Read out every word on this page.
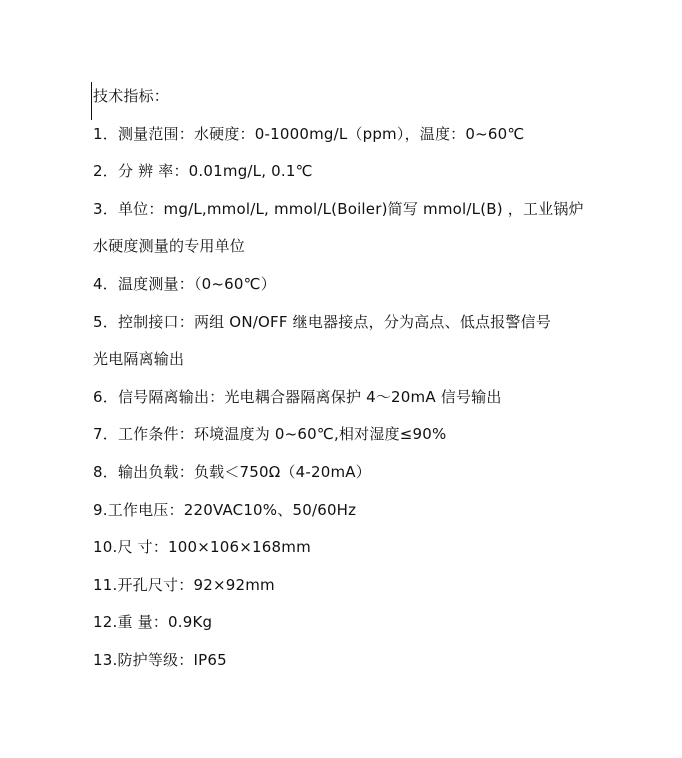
技术指标：
1．测量范围：水硬度：0-1000mg/L（ppm），温度：0~60℃
2．分 辨 率：0.01mg/L, 0.1℃
3．单位：mg/L,mmol/L, mmol/L(Boiler)简写 mmol/L(B) ，工业锅炉
水硬度测量的专用单位
4．温度测量：（0~60℃）
5．控制接口：两组 ON/OFF 继电器接点，分为高点、低点报警信号
光电隔离输出
6．信号隔离输出：光电耦合器隔离保护 4～20mA 信号输出
7．工作条件：环境温度为 0~60℃,相对湿度≤90%
8．输出负载：负载＜750Ω（4-20mA）
9.工作电压：220VAC10%、50/60Hz
10.尺 寸：100×106×168mm
11.开孔尺寸：92×92mm
12.重 量：0.9Kg
13.防护等级：IP65
